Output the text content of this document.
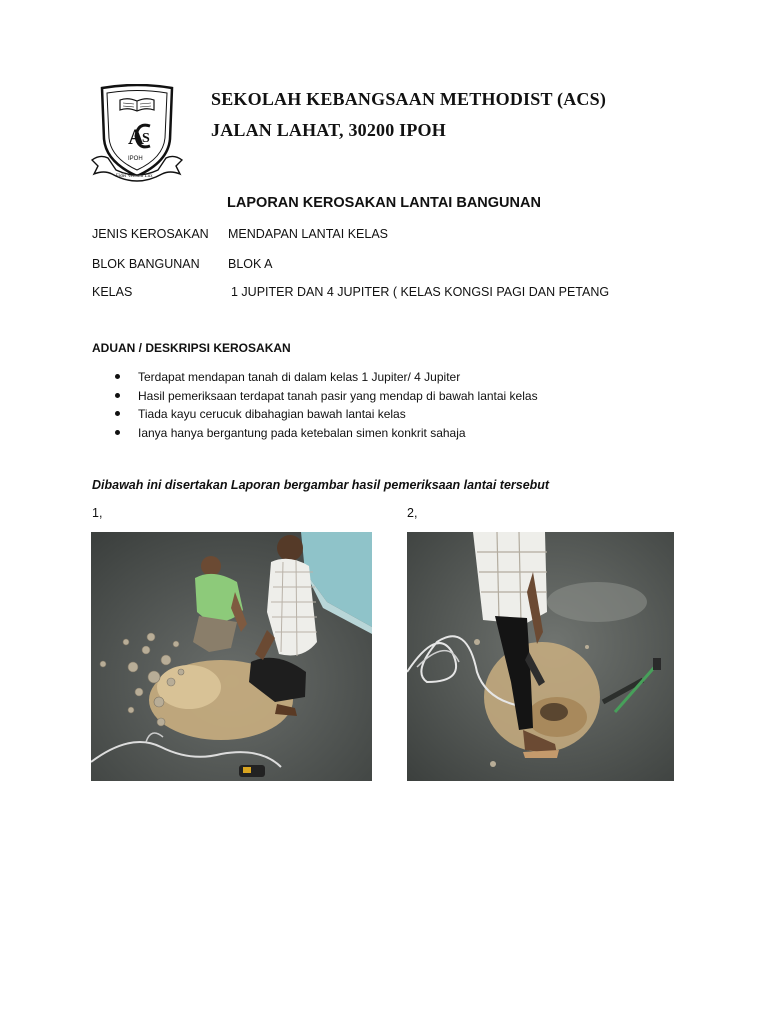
A
S
IPOH
Fidei Verbum Lux
SEKOLAH KEBANGSAAN METHODIST (ACS)
JALAN LAHAT, 30200 IPOH
LAPORAN KEROSAKAN LANTAI BANGUNAN
JENIS KEROSAKAN MENDAPAN LANTAI KELAS
BLOK BANGUNAN BLOK A
KELAS	1 JUPITER DAN 4 JUPITER ( KELAS KONGSI PAGI DAN PETANG
ADUAN / DESKRIPSI KEROSAKAN
Terdapat mendapan tanah di dalam kelas 1 Jupiter/ 4 Jupiter
Hasil pemeriksaan terdapat tanah pasir yang mendap di bawah lantai kelas
Tiada kayu cerucuk dibahagian bawah lantai kelas
Ianya hanya bergantung pada ketebalan simen konkrit sahaja
Dibawah ini disertakan Laporan bergambar hasil pemeriksaan lantai tersebut
1,	2,
